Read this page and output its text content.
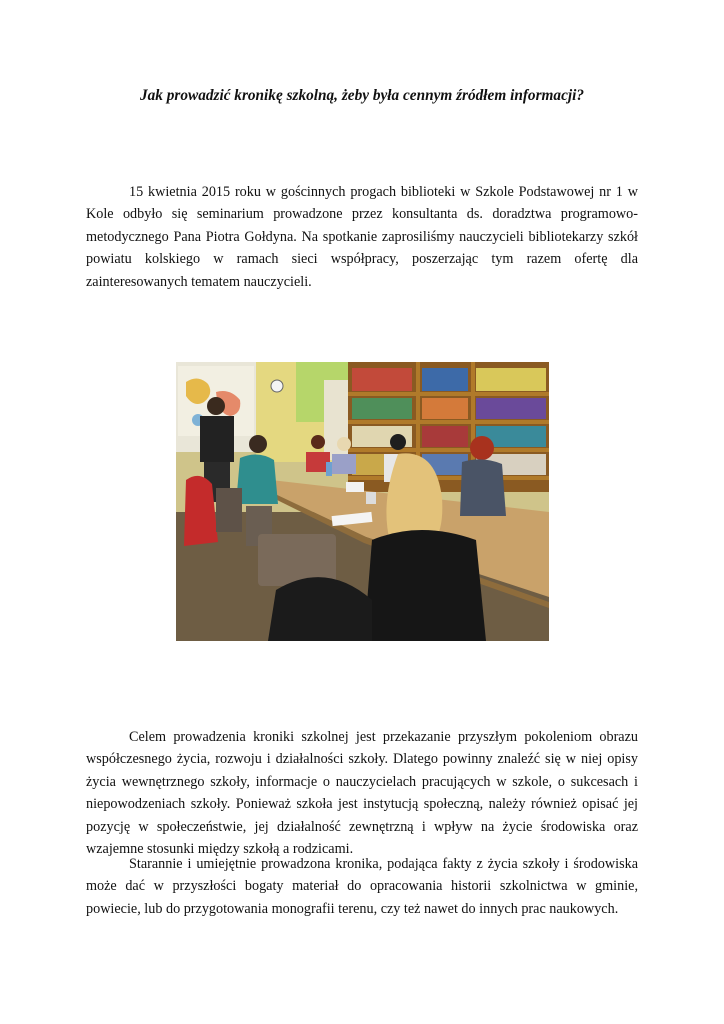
Jak prowadzić kronikę szkolną, żeby była cennym źródłem informacji?

15 kwietnia 2015 roku w gościnnych progach biblioteki w Szkole Podstawowej nr 1 w Kole odbyło się seminarium prowadzone przez konsultanta ds. doradztwa programowo-metodycznego Pana Piotra Gołdyna. Na spotkanie zaprosiliśmy nauczycieli bibliotekarzy szkół powiatu kolskiego w ramach sieci współpracy, poszerzając tym razem ofertę dla zainteresowanych tematem nauczycieli.

Celem prowadzenia kroniki szkolnej jest przekazanie przyszłym pokoleniom obrazu współczesnego życia, rozwoju i działalności szkoły. Dlatego powinny znaleźć się w niej opisy życia wewnętrznego szkoły, informacje o nauczycielach pracujących w szkole, o sukcesach i niepowodzeniach szkoły. Ponieważ szkoła jest instytucją społeczną, należy również opisać jej pozycję w społeczeństwie, jej działalność zewnętrzną i wpływ na życie środowiska oraz wzajemne stosunki między szkołą a rodzicami.

Starannie i umiejętnie prowadzona kronika, podająca fakty z życia szkoły i środowiska może dać w przyszłości bogaty materiał do opracowania historii szkolnictwa w gminie, powiecie, lub do przygotowania monografii terenu, czy też nawet do innych prac naukowych.
